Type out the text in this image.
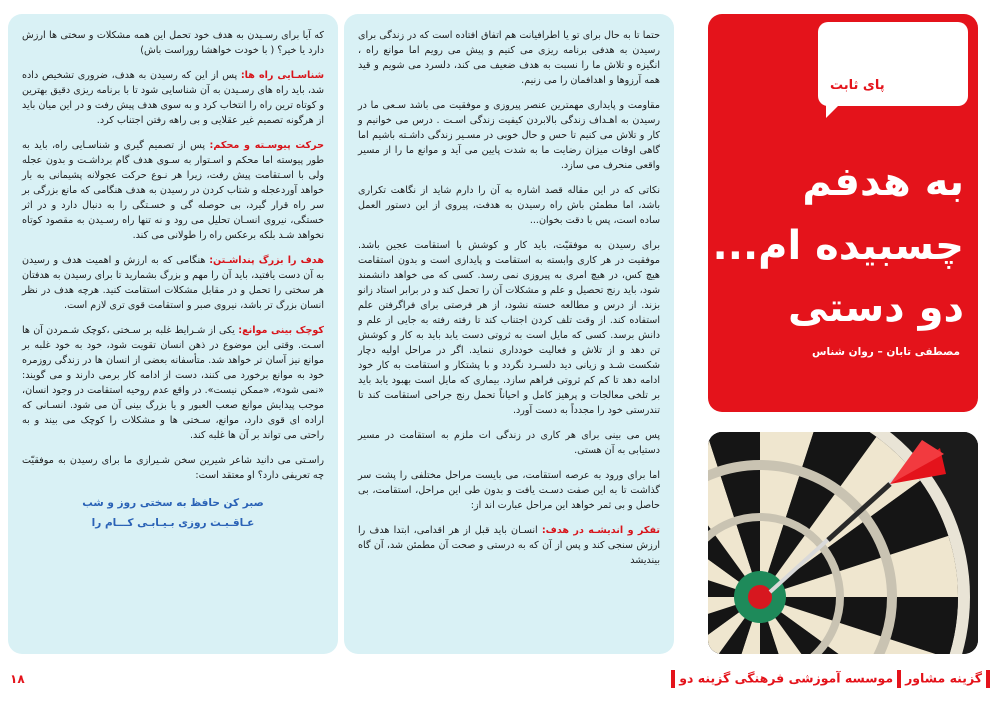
که آیا برای رسـیدن به هدف خود تحمل این همه مشکلات و سختی ها ارزش دارد یا خیر؟ ( با خودت خواهشا روراست باش)

شناسـایی راه ها: پس از این که رسیدن به هدف، ضروری تشخیص داده شد، باید راه های رسـیدن به آن شناسایی شود تا با برنامه ریزی دقیق بهترین و کوتاه ترین راه را انتخاب کرد و به سوی هدف پیش رفت و در این میان باید از هرگونه تصمیم غیر عقلایی و بی راهه رفتن اجتناب کرد.

حرکت پیوسـته و محکم: پس از تصمیم گیری و شناسـایی راه، باید به طور پیوسته اما محکم و اسـتوار به سـوی هدف گام برداشـت و بدون عجله ولی با اسـتقامت پیش رفت، زیرا هر نـوع حرکت عجولانه پشیمانی به بار خواهد آوردعجله و شتاب کردن در رسیدن به هدف هنگامی که مانع بزرگی بر سر راه قرار گیرد، بی حوصله گی و خسـتگی را به دنبال دارد و در اثر خستگی، نیروی انسـان تحلیل می رود و نه تنها راه رسـیدن به مقصود کوتاه نخواهد شـد بلکه برعکس راه را طولانی می کند.

هدف را بزرگ پنداشـتن: هنگامی که به ارزش و اهمیت هدف و رسیدن به آن دست یافتید، باید آن را مهم و بزرگ بشمارید تا برای رسیدن به هدفتان هر سختی را تحمل و در مقابل مشکلات استقامت کنید. هرچه هدف در نظر انسان بزرگ تر باشد، نیروی صبر و استقامت قوی تری لازم است.

کوچک بینی موانع: یکی از شـرایط غلبه بر سـختی ،کوچک شـمردن آن ها اسـت. وقتی این موضوع در ذهن انسان تقویت شود، خود به خود غلبه بر موانع نیز آسان تر خواهد شد. متأسفانه بعضی از انسان ها در زندگی روزمره خود به موانع برخورد می کنند، دست از ادامه کار برمی دارند و می گویند: «نمی شود»، «ممکن نیست». در واقع عدم روحیه استقامت در وجود انسان، موجب پیدایش موانع صعب العبور و یا بزرگ بینی آن می شود. انسـانی که اراده ای قوی دارد، موانع، سـختی ها و مشکلات را کوچک می بیند و به راحتی می تواند بر آن ها غلبه کند.

راسـتی می دانید شاعر شیرین سخن شـیرازی ما برای رسیدن به موفقیّت چه تعریفی دارد؟ او معتقد است:

صبر کن حافظ به سختی روز و شب
عـاقـبـت روزی بـیـابـی کـــام را

حتما تا به حال برای تو یا اطرافیانت هم اتفاق افتاده است که در زندگی برای رسیدن به هدفی برنامه ریزی می کنیم و پیش می رویم اما موانع راه ، انگیزه و تلاش ما را نسبت به هدف ضعیف می کند، دلسرد می شویم و قید همه آرزوها و اهدافمان را می زنیم.

مقاومت و پایداری مهمترین عنصر پیروزی و موفقیت می باشد سـعی ما در رسیدن به اهـداف زندگی بالابردن کیفیت زندگی اسـت . درس می خوانیم و کار و تلاش می کنیم تا حس و حال خوبی در مسـیر زندگی داشـته باشیم اما گاهی اوقات میزان رضایت ما به شدت پایین می آید و موانع ما را از مسیر واقعی منحرف می سازد.

نکاتی که در این مقاله قصد اشاره به آن را دارم شاید از نگاهت تکراری باشد، اما مطمئن باش راه رسیدن به هدفت، پیروی از این دستور العمل ساده است، پس با دقت بخوان...

برای رسیدن به موفقیّت، باید کار و کوشش با استقامت عجین باشد. موفقیت در هر کاری وابسته به استقامت و پایداری است و بدون استقامت هیچ کس، در هیچ امری به پیروزی نمی رسد. کسی که می خواهد دانشمند شود، باید رنج تحصیل و علم و مشکلات آن را تحمل کند و در برابر استاد زانو بزند. از درس و مطالعه خسته نشود، از هر فرصتی برای فراگرفتن علم استفاده کند. از وقت تلف کردن اجتناب کند تا رفته رفته به جایی از علم و دانش برسد. کسی که مایل است به ثروتی دست یابد باید به کار و کوشش تن دهد و از تلاش و فعالیت خودداری ننماید. اگر در مراحل اولیه دچار شکست شـد و زیانی دید دلسـرد نگردد و با پشتکار و استقامت به کار خود ادامه دهد تا کم کم ثروتی فراهم سازد. بیماری که مایل است بهبود یابد باید بر تلخی معالجات و پرهیز کامل و احیاناً تحمل رنج جراحی استقامت کند تا تندرستی خود را مجدداً به دست آورد.

پس می بینی برای هر کاری در زندگی ات ملزم به استقامت در مسیر دستیابی به آن هستی.

اما برای ورود به عرصه استقامت، می بایست مراحل مختلفی را پشت سر گذاشت تا به این صفت دسـت یافت و بدون طی این مراحل، استقامت، بی حاصل و بی ثمر خواهد این مراحل عبارت اند از:

تفکر و اندیشـه در هدف: انسـان باید قبل از هر اقدامی، ابتدا هدف را ارزش سنجی کند و پس از آن که به درستی و صحت آن مطمئن شد، آن گاه بیندیشد

پای ثابت
به هدفم
چسبیده ام...
دو دستی
مصطفی تابان – روان شناس
گزینه مشاورموسسه آموزشی فرهنگی گزینه دو
۱۸
